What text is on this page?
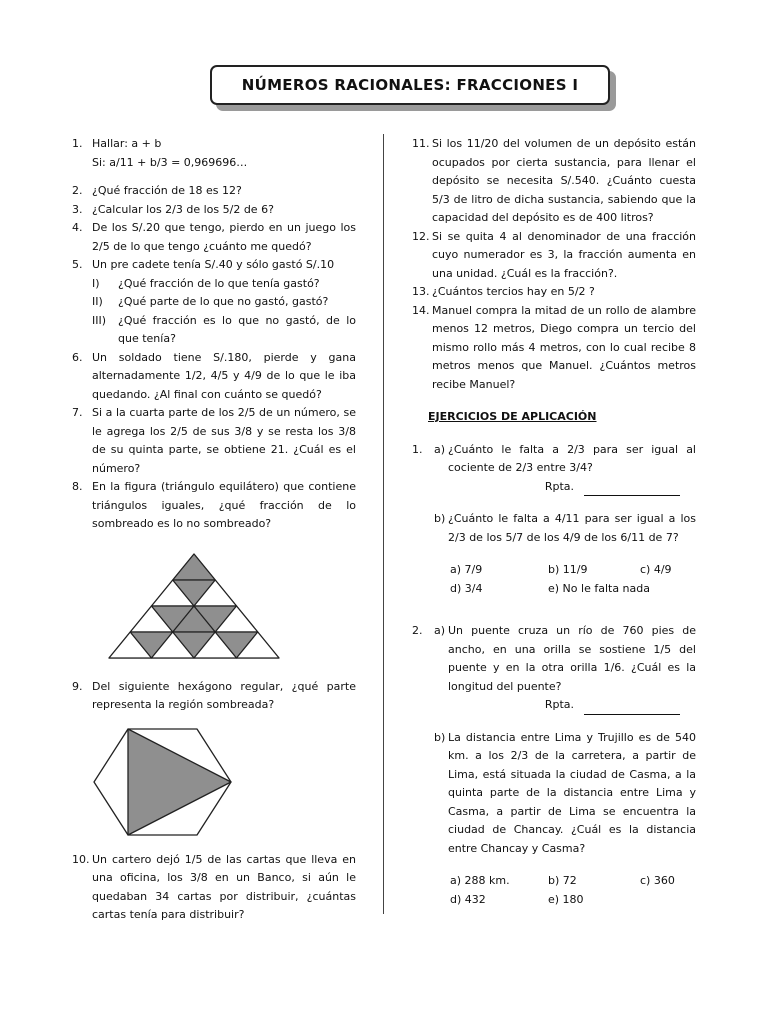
NÚMEROS RACIONALES: FRACCIONES I
1. Hallar: a + b
Si: a/11 + b/3 = 0,969696…
2. ¿Qué fracción de 18 es 12?
3. ¿Calcular los 2/3 de los 5/2 de 6?
4. De los S/.20 que tengo, pierdo en un juego los 2/5 de lo que tengo ¿cuánto me quedó?
5. Un pre cadete tenía S/.40 y sólo gastó S/.10
I)	¿Qué fracción de lo que tenía gastó?
II)	¿Qué parte de lo que no gastó, gastó?
III)	¿Qué fracción es lo que no gastó, de lo que tenía?
6. Un soldado tiene S/.180, pierde y gana alternadamente 1/2, 4/5 y 4/9 de lo que le iba quedando. ¿Al final con cuánto se quedó?
7. Si a la cuarta parte de los 2/5 de un número, se le agrega los 2/5 de sus 3/8 y se resta los 3/8 de su quinta parte, se obtiene 21. ¿Cuál es el número?
8. En la figura (triángulo equilátero) que contiene triángulos iguales, ¿qué fracción de lo sombreado es lo no sombreado?
9. Del siguiente hexágono regular, ¿qué parte representa la región sombreada?
10. Un cartero dejó 1/5 de las cartas que lleva en una oficina, los 3/8 en un Banco, si aún le quedaban 34 cartas por distribuir, ¿cuántas cartas tenía para distribuir?
11. Si los 11/20 del volumen de un depósito están ocupados por cierta sustancia, para llenar el depósito se necesita S/.540. ¿Cuánto cuesta 5/3 de litro de dicha sustancia, sabiendo que la capacidad del depósito es de 400 litros?
12. Si se quita 4 al denominador de una fracción cuyo numerador es 3, la fracción aumenta en una unidad. ¿Cuál es la fracción?.
13. ¿Cuántos tercios hay en 5/2 ?
14. Manuel compra la mitad de un rollo de alambre menos 12 metros, Diego compra un tercio del mismo rollo más 4 metros, con lo cual recibe 8 metros menos que Manuel. ¿Cuántos metros recibe Manuel?
EJERCICIOS DE APLICACIÓN
1.	a) ¿Cuánto le falta a 2/3 para ser igual al cociente de 2/3 entre 3/4?
Rpta.
b) ¿Cuánto le falta a 4/11 para ser igual a los 2/3 de los 5/7 de los 4/9 de los 6/11 de 7?
a) 7/9	b) 11/9	c) 4/9
d) 3/4	e) No le falta nada
2.	a) Un puente cruza un río de 760 pies de ancho, en una orilla se sostiene 1/5 del puente y en la otra orilla 1/6. ¿Cuál es la longitud del puente?
Rpta.
b) La distancia entre Lima y Trujillo es de 540 km. a los 2/3 de la carretera, a partir de Lima, está situada la ciudad de Casma, a la quinta parte de la distancia entre Lima y Casma, a partir de Lima se encuentra la ciudad de Chancay. ¿Cuál es la distancia entre Chancay y Casma?
a) 288 km.	b) 72	c) 360
d) 432	e) 180
